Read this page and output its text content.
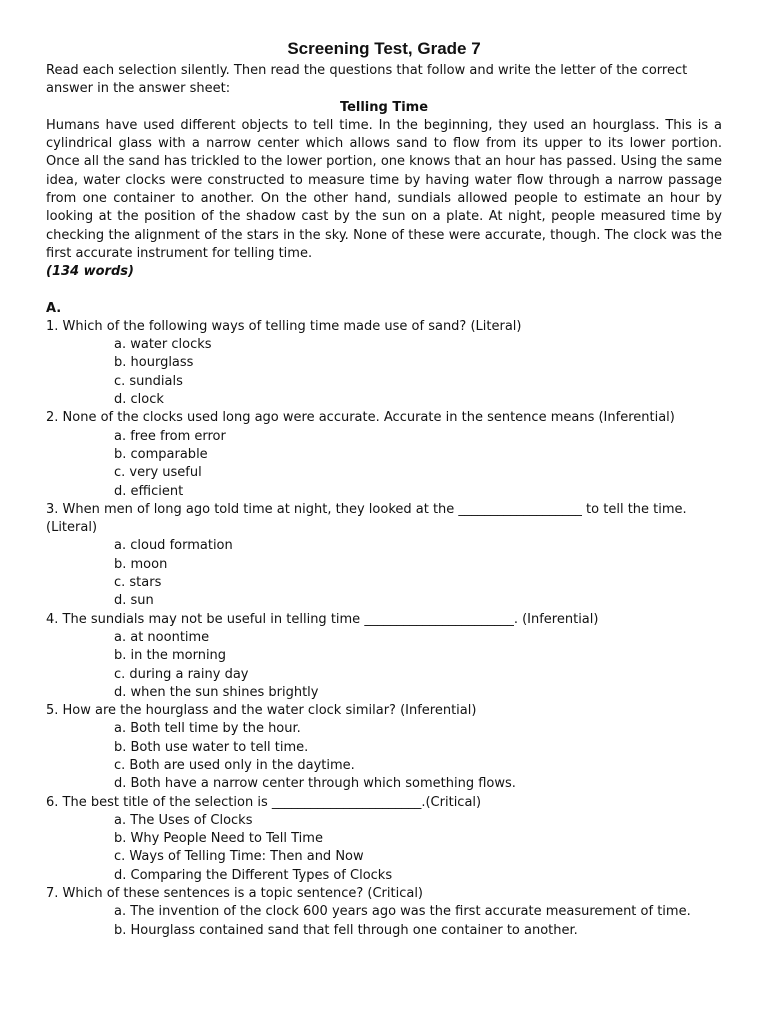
Screening Test, Grade 7

Read each selection silently. Then read the questions that follow and write the letter of the correct answer in the answer sheet:

Telling Time

Humans have used different objects to tell time. In the beginning, they used an hourglass. This is a cylindrical glass with a narrow center which allows sand to flow from its upper to its lower portion. Once all the sand has trickled to the lower portion, one knows that an hour has passed. Using the same idea, water clocks were constructed to measure time by having water flow through a narrow passage from one container to another. On the other hand, sundials allowed people to estimate an hour by looking at the position of the shadow cast by the sun on a plate. At night, people measured time by checking the alignment of the stars in the sky. None of these were accurate, though. The clock was the first accurate instrument for telling time.

(134 words)

A.

1. Which of the following ways of telling time made use of sand? (Literal)

a. water clocks
b. hourglass
c. sundials
d. clock

2. None of the clocks used long ago were accurate. Accurate in the sentence means (Inferential)

a. free from error
b. comparable
c. very useful
d. efficient

3. When men of long ago told time at night, they looked at the ___________________ to tell the time. (Literal)

a. cloud formation
b. moon
c. stars
d. sun

4. The sundials may not be useful in telling time _______________________. (Inferential)

a. at noontime
b. in the morning
c. during a rainy day
d. when the sun shines brightly

5. How are the hourglass and the water clock similar? (Inferential)

a. Both tell time by the hour.
b. Both use water to tell time.
c. Both are used only in the daytime.
d. Both have a narrow center through which something flows.

6. The best title of the selection is _______________________.(Critical)

a. The Uses of Clocks
b. Why People Need to Tell Time
c. Ways of Telling Time: Then and Now
d. Comparing the Different Types of Clocks

7. Which of these sentences is a topic sentence? (Critical)

a. The invention of the clock 600 years ago was the first accurate measurement of time.
b. Hourglass contained sand that fell through one container to another.
